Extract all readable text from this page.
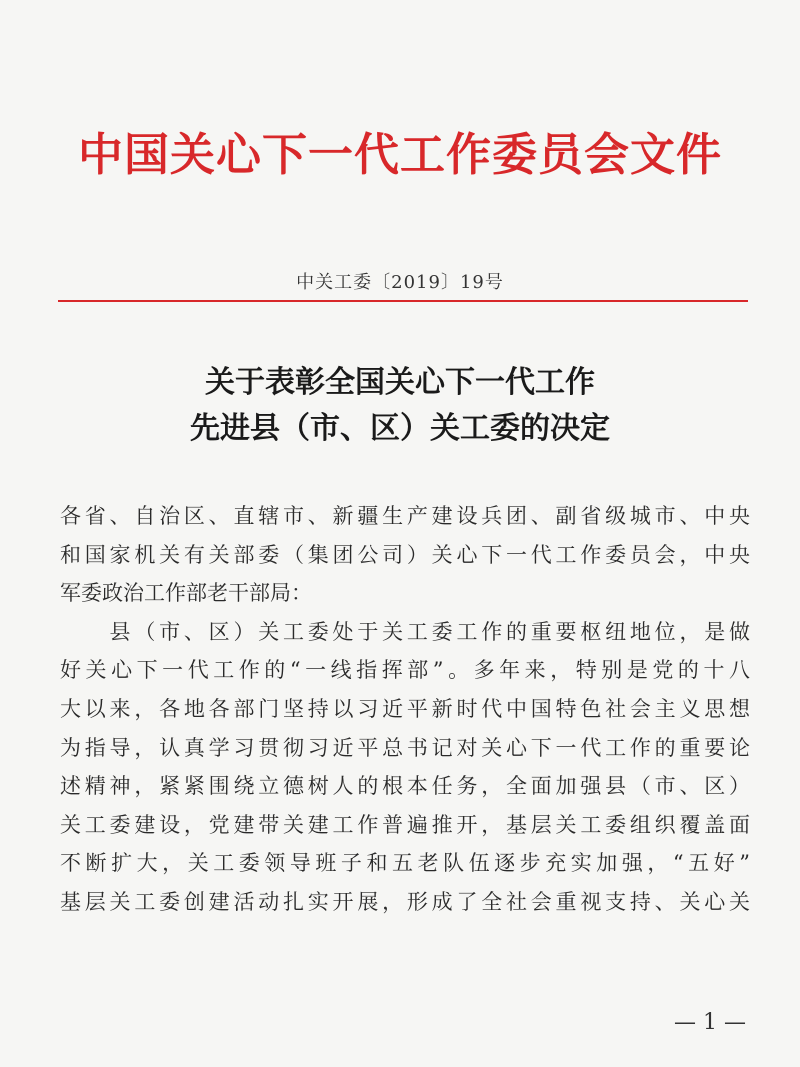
中国关心下一代工作委员会文件
中关工委〔2019〕19号
关于表彰全国关心下一代工作
先进县（市、区）关工委的决定
各省、自治区、直辖市、新疆生产建设兵团、副省级城市、中央
和国家机关有关部委（集团公司）关心下一代工作委员会，中央
军委政治工作部老干部局：
　　县（市、区）关工委处于关工委工作的重要枢纽地位，是做
好关心下一代工作的“一线指挥部”。多年来，特别是党的十八
大以来，各地各部门坚持以习近平新时代中国特色社会主义思想
为指导，认真学习贯彻习近平总书记对关心下一代工作的重要论
述精神，紧紧围绕立德树人的根本任务，全面加强县（市、区）
关工委建设，党建带关建工作普遍推开，基层关工委组织覆盖面
不断扩大，关工委领导班子和五老队伍逐步充实加强，“五好”
基层关工委创建活动扎实开展，形成了全社会重视支持、关心关
— 1 —
